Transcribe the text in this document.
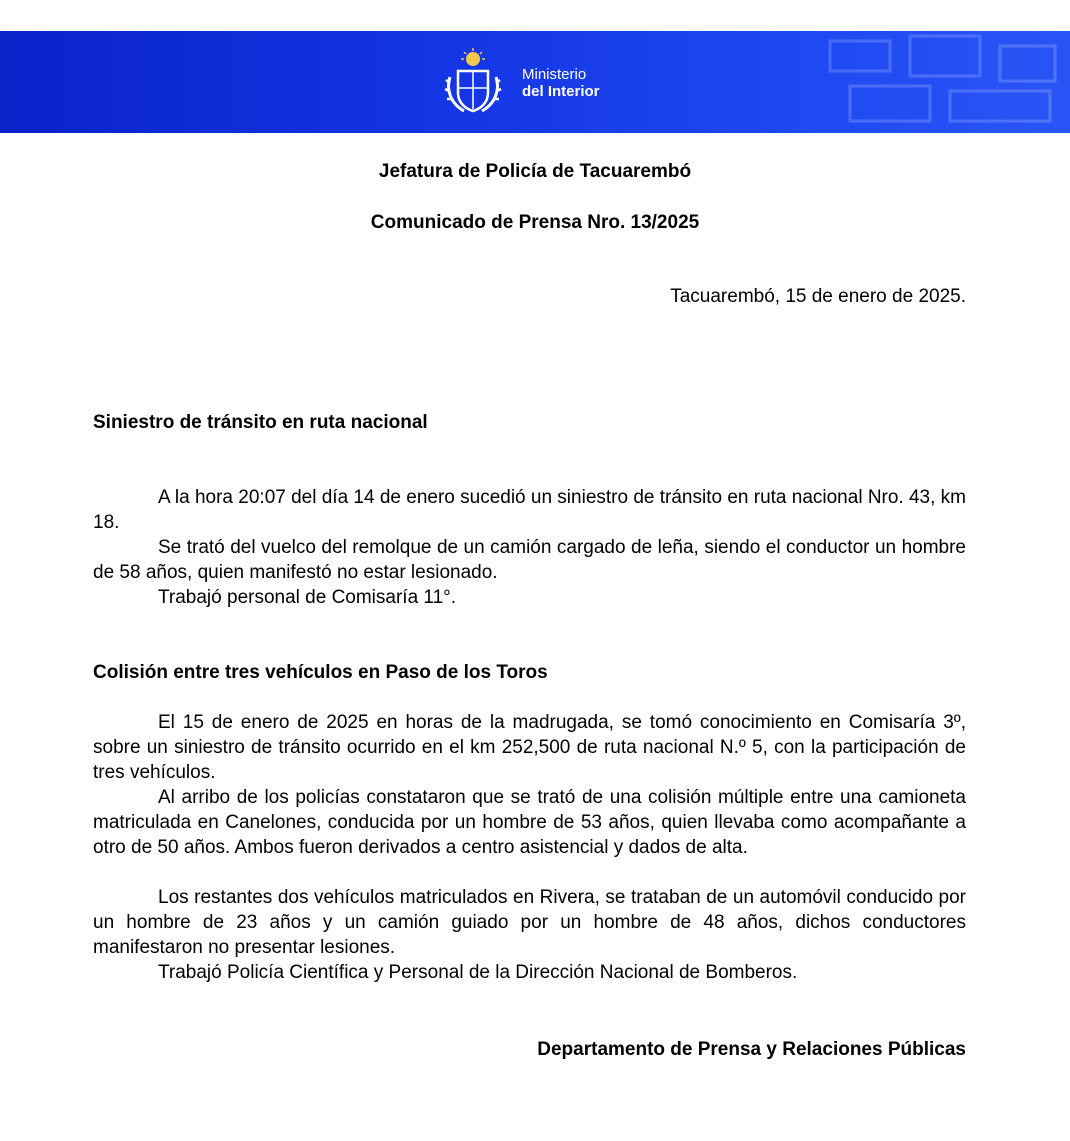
Ministerio
del Interior
Jefatura de Policía de Tacuarembó
Comunicado de Prensa Nro. 13/2025
Tacuarembó, 15 de enero de 2025.
Siniestro de tránsito en ruta nacional

A la hora 20:07 del día 14 de enero sucedió un siniestro de tránsito en ruta nacional Nro. 43, km 18.

Se trató del vuelco del remolque de un camión cargado de leña, siendo el conductor un hombre de 58 años, quien manifestó no estar lesionado.

Trabajó personal de Comisaría 11°.

Colisión entre tres vehículos en Paso de los Toros

El 15 de enero de 2025 en horas de la madrugada, se tomó conocimiento en Comisaría 3º, sobre un siniestro de tránsito ocurrido en el km 252,500 de ruta nacional N.º 5, con la participación de tres vehículos.

Al arribo de los policías constataron que se trató de una colisión múltiple entre una camioneta matriculada en Canelones, conducida por un hombre de 53 años, quien llevaba como acompañante a otro de 50 años. Ambos fueron derivados a centro asistencial y dados de alta.

Los restantes dos vehículos matriculados en Rivera, se trataban de un automóvil conducido por un hombre de 23 años y un camión guiado por un hombre de 48 años, dichos conductores manifestaron no presentar lesiones.

Trabajó Policía Científica y Personal de la Dirección Nacional de Bomberos.

Departamento de Prensa y Relaciones Públicas
